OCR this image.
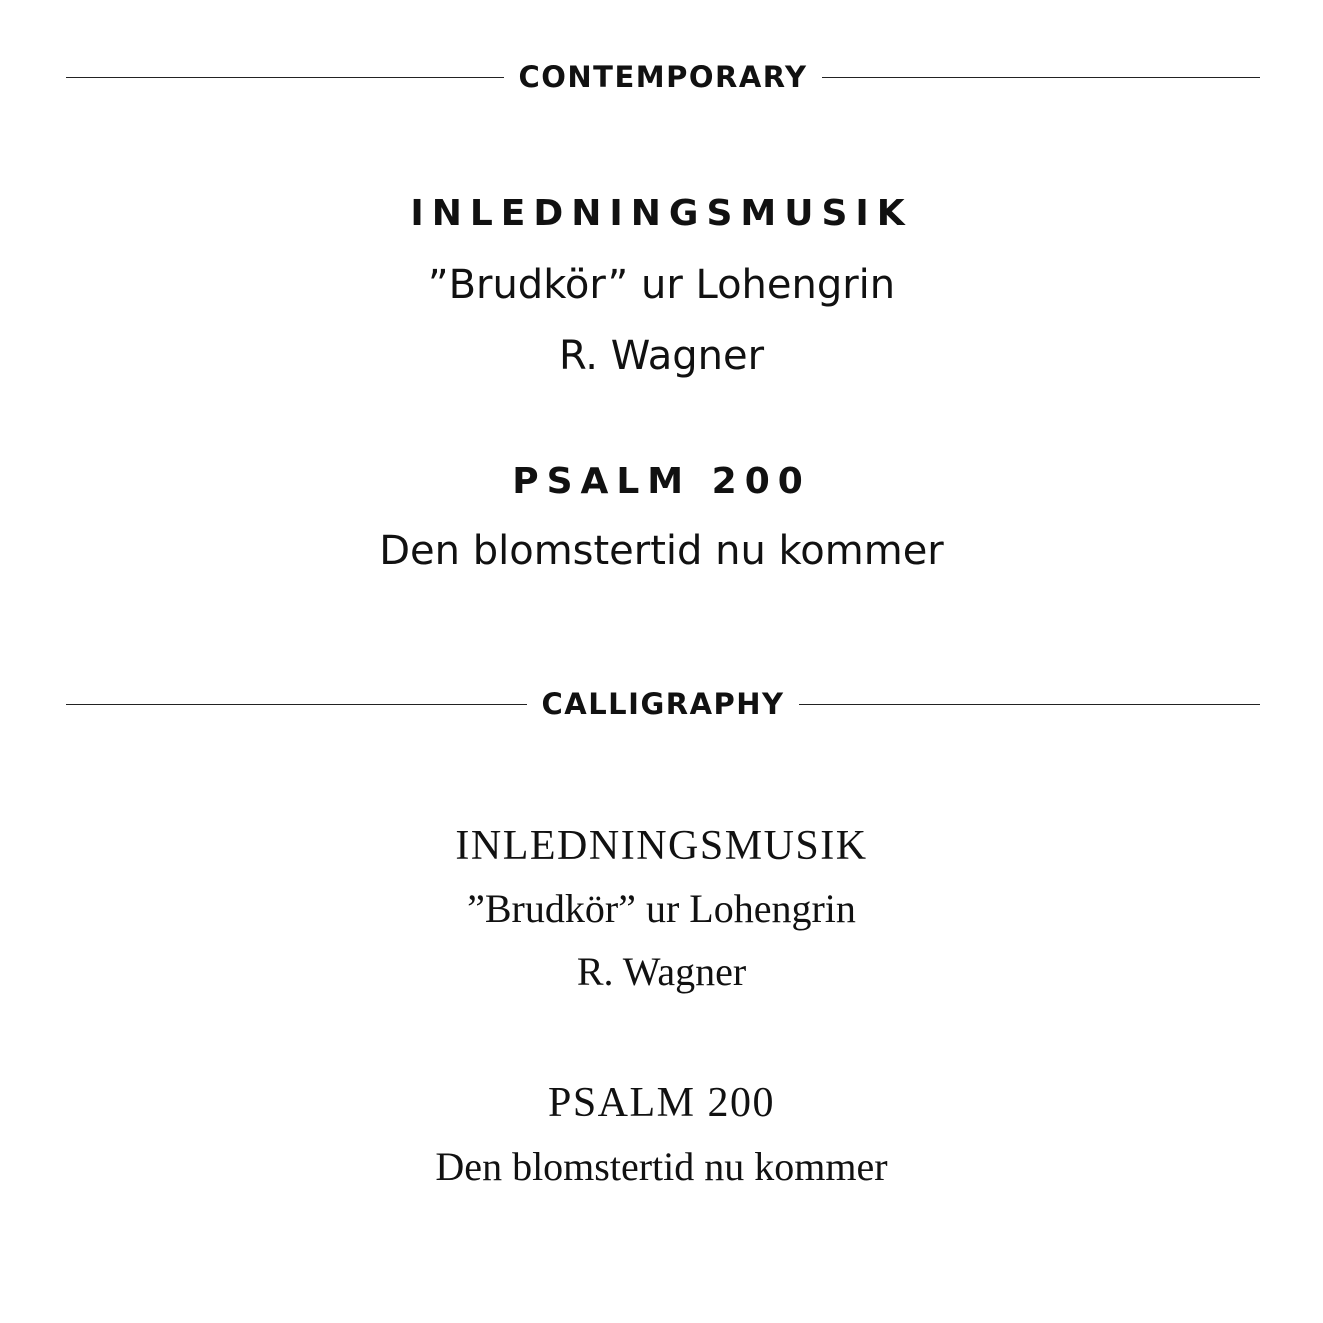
CONTEMPORARY
INLEDNINGSMUSIK
”Brudkör” ur Lohengrin
R. Wagner
PSALM 200
Den blomstertid nu kommer
CALLIGRAPHY
INLEDNINGSMUSIK
”Brudkör” ur Lohengrin
R. Wagner
PSALM 200
Den blomstertid nu kommer
